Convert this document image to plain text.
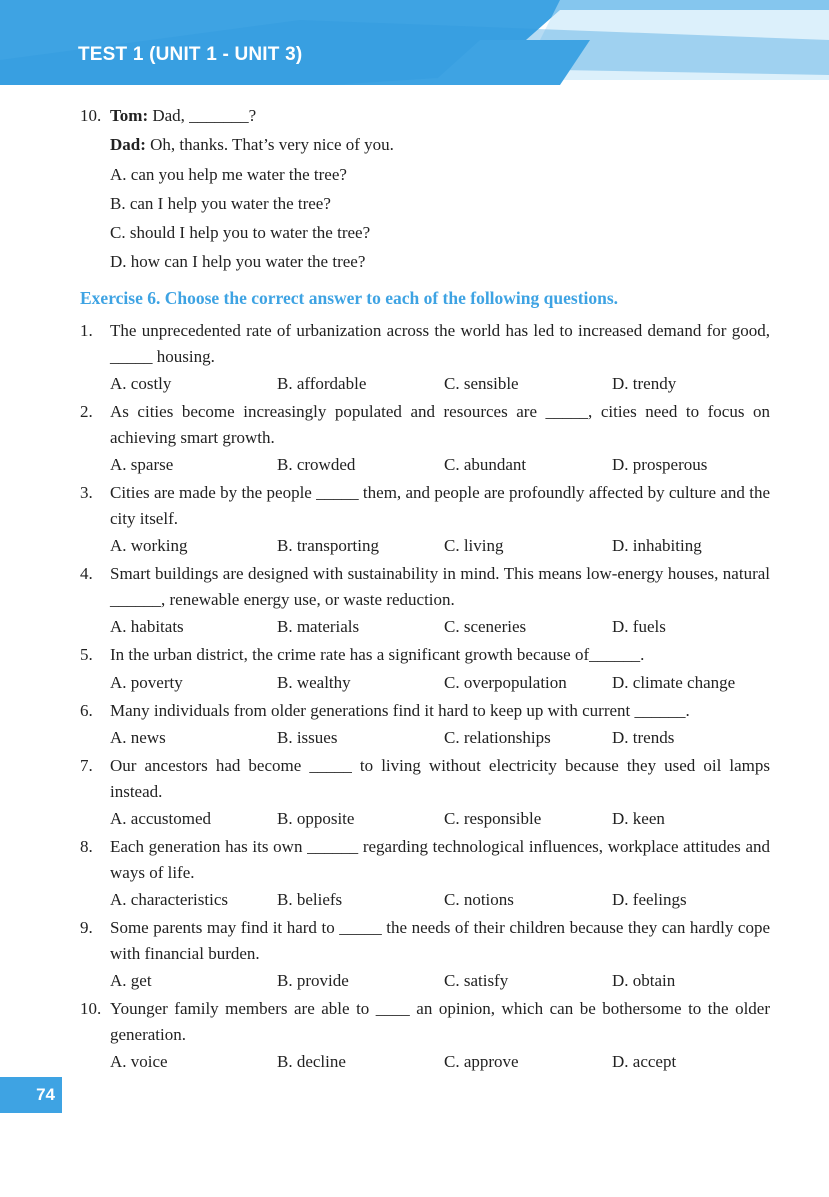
TEST 1 (UNIT 1 - UNIT 3)
10. Tom: Dad, _______?
Dad: Oh, thanks. That’s very nice of you.
A. can you help me water the tree?
B. can I help you water the tree?
C. should I help you to water the tree?
D. how can I help you water the tree?
Exercise 6. Choose the correct answer to each of the following questions.
1.	The unprecedented rate of urbanization across the world has led to increased demand for good, _____ housing.
A. costly	B. affordable	C. sensible	D. trendy
2.	As cities become increasingly populated and resources are _____, cities need to focus on achieving smart growth.
A. sparse	B. crowded	C. abundant	D. prosperous
3.	Cities are made by the people _____ them, and people are profoundly affected by culture and the city itself.
A. working	B. transporting	C. living	D. inhabiting
4.	Smart buildings are designed with sustainability in mind. This means low-energy houses, natural ______, renewable energy use, or waste reduction.
A. habitats	B. materials	C. sceneries	D. fuels
5.	In the urban district, the crime rate has a significant growth because of______.
A. poverty	B. wealthy	C. overpopulation	D. climate change
6.	Many individuals from older generations find it hard to keep up with current ______.
A. news	B. issues	C. relationships	D. trends
7.	Our ancestors had become _____ to living without electricity because they used oil lamps instead.
A. accustomed	B. opposite	C. responsible	D. keen
8.	Each generation has its own ______ regarding technological influences, workplace attitudes and ways of life.
A. characteristics	B. beliefs	C. notions	D. feelings
9.	Some parents may find it hard to _____ the needs of their children because they can hardly cope with financial burden.
A. get	B. provide	C. satisfy	D. obtain
10. Younger family members are able to ____ an opinion, which can be bothersome to the older generation.
A. voice	B. decline	C. approve	D. accept
74
